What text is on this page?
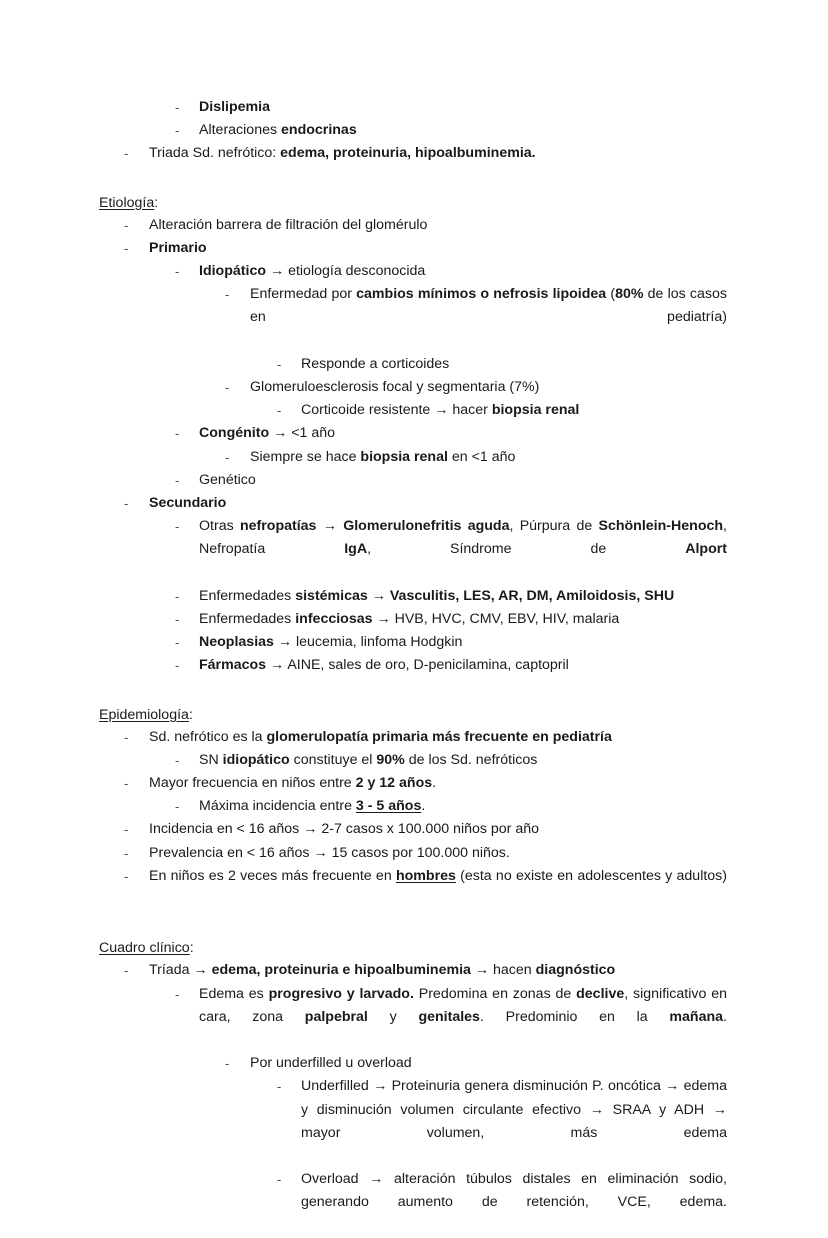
- Dislipemia
- Alteraciones endocrinas
- Triada Sd. nefrótico: edema, proteinuria, hipoalbuminemia.
Etiología:
- Alteración barrera de filtración del glomérulo
- Primario
- Idiopático → etiología desconocida
- Enfermedad por cambios mínimos o nefrosis lipoidea (80% de los casos en pediatría)
- Responde a corticoides
- Glomeruloesclerosis focal y segmentaria (7%)
- Corticoide resistente → hacer biopsia renal
- Congénito → <1 año
- Siempre se hace biopsia renal en <1 año
- Genético
- Secundario
- Otras nefropatías → Glomerulonefritis aguda, Púrpura de Schönlein-Henoch, Nefropatía IgA, Síndrome de Alport
- Enfermedades sistémicas → Vasculitis, LES, AR, DM, Amiloidosis, SHU
- Enfermedades infecciosas → HVB, HVC, CMV, EBV, HIV, malaria
- Neoplasias → leucemia, linfoma Hodgkin
- Fármacos → AINE, sales de oro, D-penicilamina, captopril
Epidemiología:
- Sd. nefrótico es la glomerulopatía primaria más frecuente en pediatría
- SN idiopático constituye el 90% de los Sd. nefróticos
- Mayor frecuencia en niños entre 2 y 12 años.
- Máxima incidencia entre 3 - 5 años.
- Incidencia en < 16 años → 2-7 casos x 100.000 niños por año
- Prevalencia en < 16 años → 15 casos por 100.000 niños.
- En niños es 2 veces más frecuente en hombres (esta no existe en adolescentes y adultos)
Cuadro clínico:
- Tríada → edema, proteinuria e hipoalbuminemia → hacen diagnóstico
- Edema es progresivo y larvado. Predomina en zonas de declive, significativo en cara, zona palpebral y genitales. Predominio en la mañana.
- Por underfilled u overload
- Underfilled → Proteinuria genera disminución P. oncótica → edema y disminución volumen circulante efectivo → SRAA y ADH → mayor volumen, más edema
- Overload → alteración túbulos distales en eliminación sodio, generando aumento de retención, VCE, edema.
